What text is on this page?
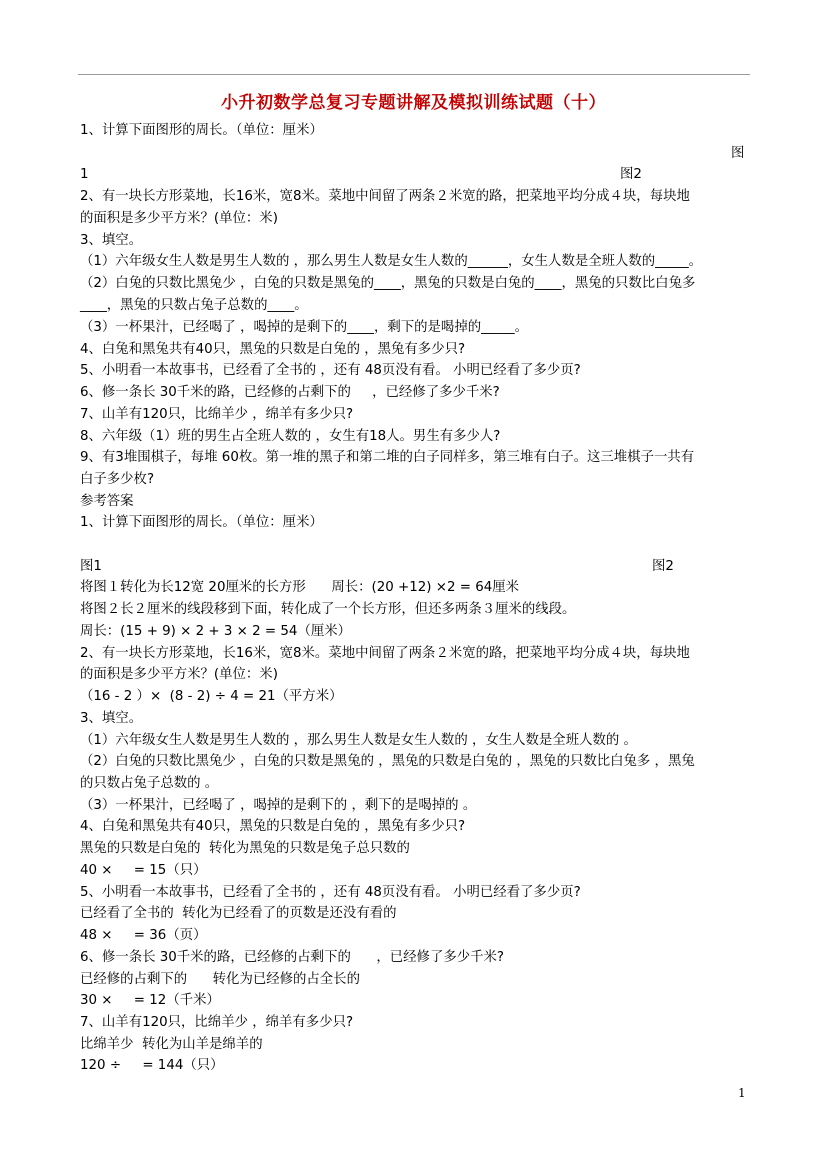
小升初数学总复习专题讲解及模拟训练试题（十）
1、计算下面图形的周长。（单位：厘米）
图
1	图2
2、有一块长方形菜地，长16米，宽8米。菜地中间留了两条２米宽的路，把菜地平均分成４块，每块地
的面积是多少平方米？(单位：米)
3、填空。
（1）六年级女生人数是男生人数的 ，那么男生人数是女生人数的______，女生人数是全班人数的_____。
（2）白兔的只数比黑兔少 ，白兔的只数是黑兔的____，黑兔的只数是白兔的____，黑兔的只数比白兔多
____，黑兔的只数占兔子总数的____。
（3）一杯果汁，已经喝了 ，喝掉的是剩下的____，剩下的是喝掉的_____。
4、白兔和黑兔共有40只，黑兔的只数是白兔的 ，黑兔有多少只?
5、小明看一本故事书，已经看了全书的 ，还有 48页没有看。 小明已经看了多少页?
6、修一条长 30千米的路，已经修的占剩下的     ，已经修了多少千米?
7、山羊有120只，比绵羊少 ，绵羊有多少只?
8、六年级（1）班的男生占全班人数的 ，女生有18人。男生有多少人?
9、有3堆围棋子，每堆 60枚。第一堆的黑子和第二堆的白子同样多，第三堆有白子。这三堆棋子一共有
白子多少枚?
参考答案
1、计算下面图形的周长。（单位：厘米）
图1	图2
将图１转化为长12宽 20厘米的长方形      周长：(20 +12) ×2 = 64厘米
将图２长２厘米的线段移到下面，转化成了一个长方形，但还多两条３厘米的线段。
周长：(15 + 9) × 2 + 3 × 2 = 54（厘米）
2、有一块长方形菜地，长16米，宽8米。菜地中间留了两条２米宽的路，把菜地平均分成４块，每块地
的面积是多少平方米？(单位：米)
（16 - 2 ）×  (8 - 2) ÷ 4 = 21（平方米）
3、填空。
（1）六年级女生人数是男生人数的 ，那么男生人数是女生人数的 ，女生人数是全班人数的 。
（2）白兔的只数比黑兔少 ，白兔的只数是黑兔的 ，黑兔的只数是白兔的 ，黑兔的只数比白兔多 ，黑兔
的只数占兔子总数的 。
（3）一杯果汁，已经喝了 ，喝掉的是剩下的 ，剩下的是喝掉的 。
4、白兔和黑兔共有40只，黑兔的只数是白兔的 ，黑兔有多少只?
黑兔的只数是白兔的  转化为黑兔的只数是兔子总只数的
40 ×     = 15（只）
5、小明看一本故事书，已经看了全书的 ，还有 48页没有看。 小明已经看了多少页?
已经看了全书的  转化为已经看了的页数是还没有看的
48 ×     = 36（页）
6、修一条长 30千米的路，已经修的占剩下的      ，已经修了多少千米?
已经修的占剩下的      转化为已经修的占全长的
30 ×     = 12（千米）
7、山羊有120只，比绵羊少 ，绵羊有多少只?
比绵羊少  转化为山羊是绵羊的
120 ÷     = 144（只）
1
